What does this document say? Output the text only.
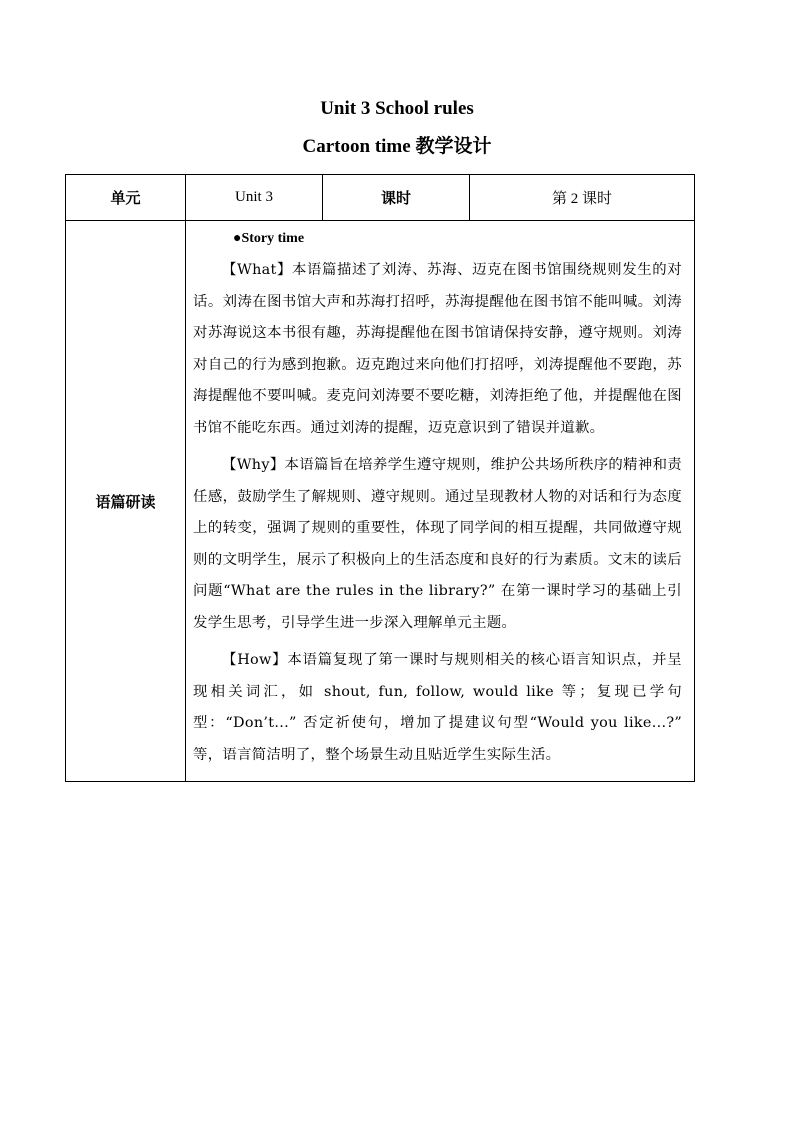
Unit 3 School rules
Cartoon time 教学设计
单元	Unit 3	课时	第 2 课时
语篇研读	●Story time

【What】本语篇描述了刘涛、苏海、迈克在图书馆围绕规则发生的对话。刘涛在图书馆大声和苏海打招呼，苏海提醒他在图书馆不能叫喊。刘涛对苏海说这本书很有趣，苏海提醒他在图书馆请保持安静，遵守规则。刘涛对自己的行为感到抱歉。迈克跑过来向他们打招呼，刘涛提醒他不要跑，苏海提醒他不要叫喊。麦克问刘涛要不要吃糖，刘涛拒绝了他，并提醒他在图书馆不能吃东西。通过刘涛的提醒，迈克意识到了错误并道歉。

【Why】本语篇旨在培养学生遵守规则，维护公共场所秩序的精神和责任感，鼓励学生了解规则、遵守规则。通过呈现教材人物的对话和行为态度上的转变，强调了规则的重要性，体现了同学间的相互提醒，共同做遵守规则的文明学生，展示了积极向上的生活态度和良好的行为素质。文末的读后问题“What are the rules in the library?” 在第一课时学习的基础上引发学生思考，引导学生进一步深入理解单元主题。

【How】本语篇复现了第一课时与规则相关的核心语言知识点，并呈现相关词汇，如 shout, fun, follow, would like 等；复现已学句型：“Don’t...” 否定祈使句，增加了提建议句型“Would you like...?” 等，语言简洁明了，整个场景生动且贴近学生实际生活。		
